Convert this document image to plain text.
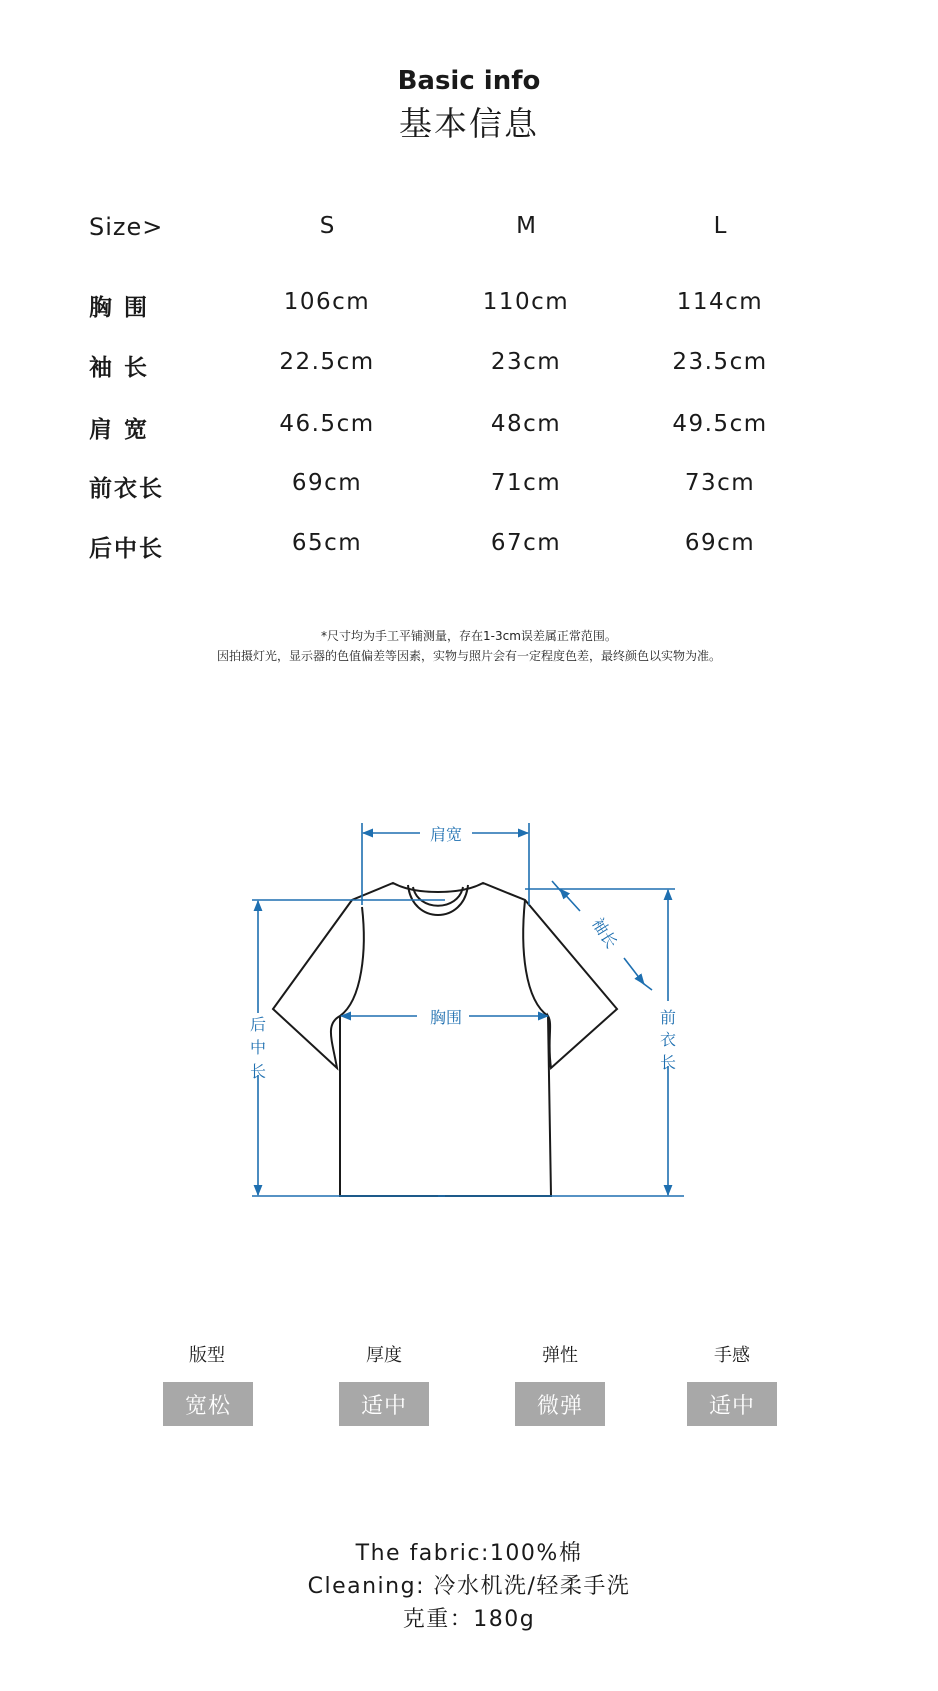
Basic info
基本信息
Size>	S	M	L
胸 围	106cm	110cm	114cm
袖 长	22.5cm	23cm	23.5cm
肩 宽	46.5cm	48cm	49.5cm
前衣长	69cm	71cm	73cm
后中长	65cm	67cm	69cm
*尺寸均为手工平铺测量，存在1-3cm误差属正常范围。
因拍摄灯光，显示器的色值偏差等因素，实物与照片会有一定程度色差，最终颜色以实物为准。
肩宽
胸围
后
中
长
前
衣
长
袖长
版型
宽松
厚度
适中
弹性
微弹
手感
适中
The fabric:100%棉
Cleaning: 冷水机洗/轻柔手洗
克重：180g
